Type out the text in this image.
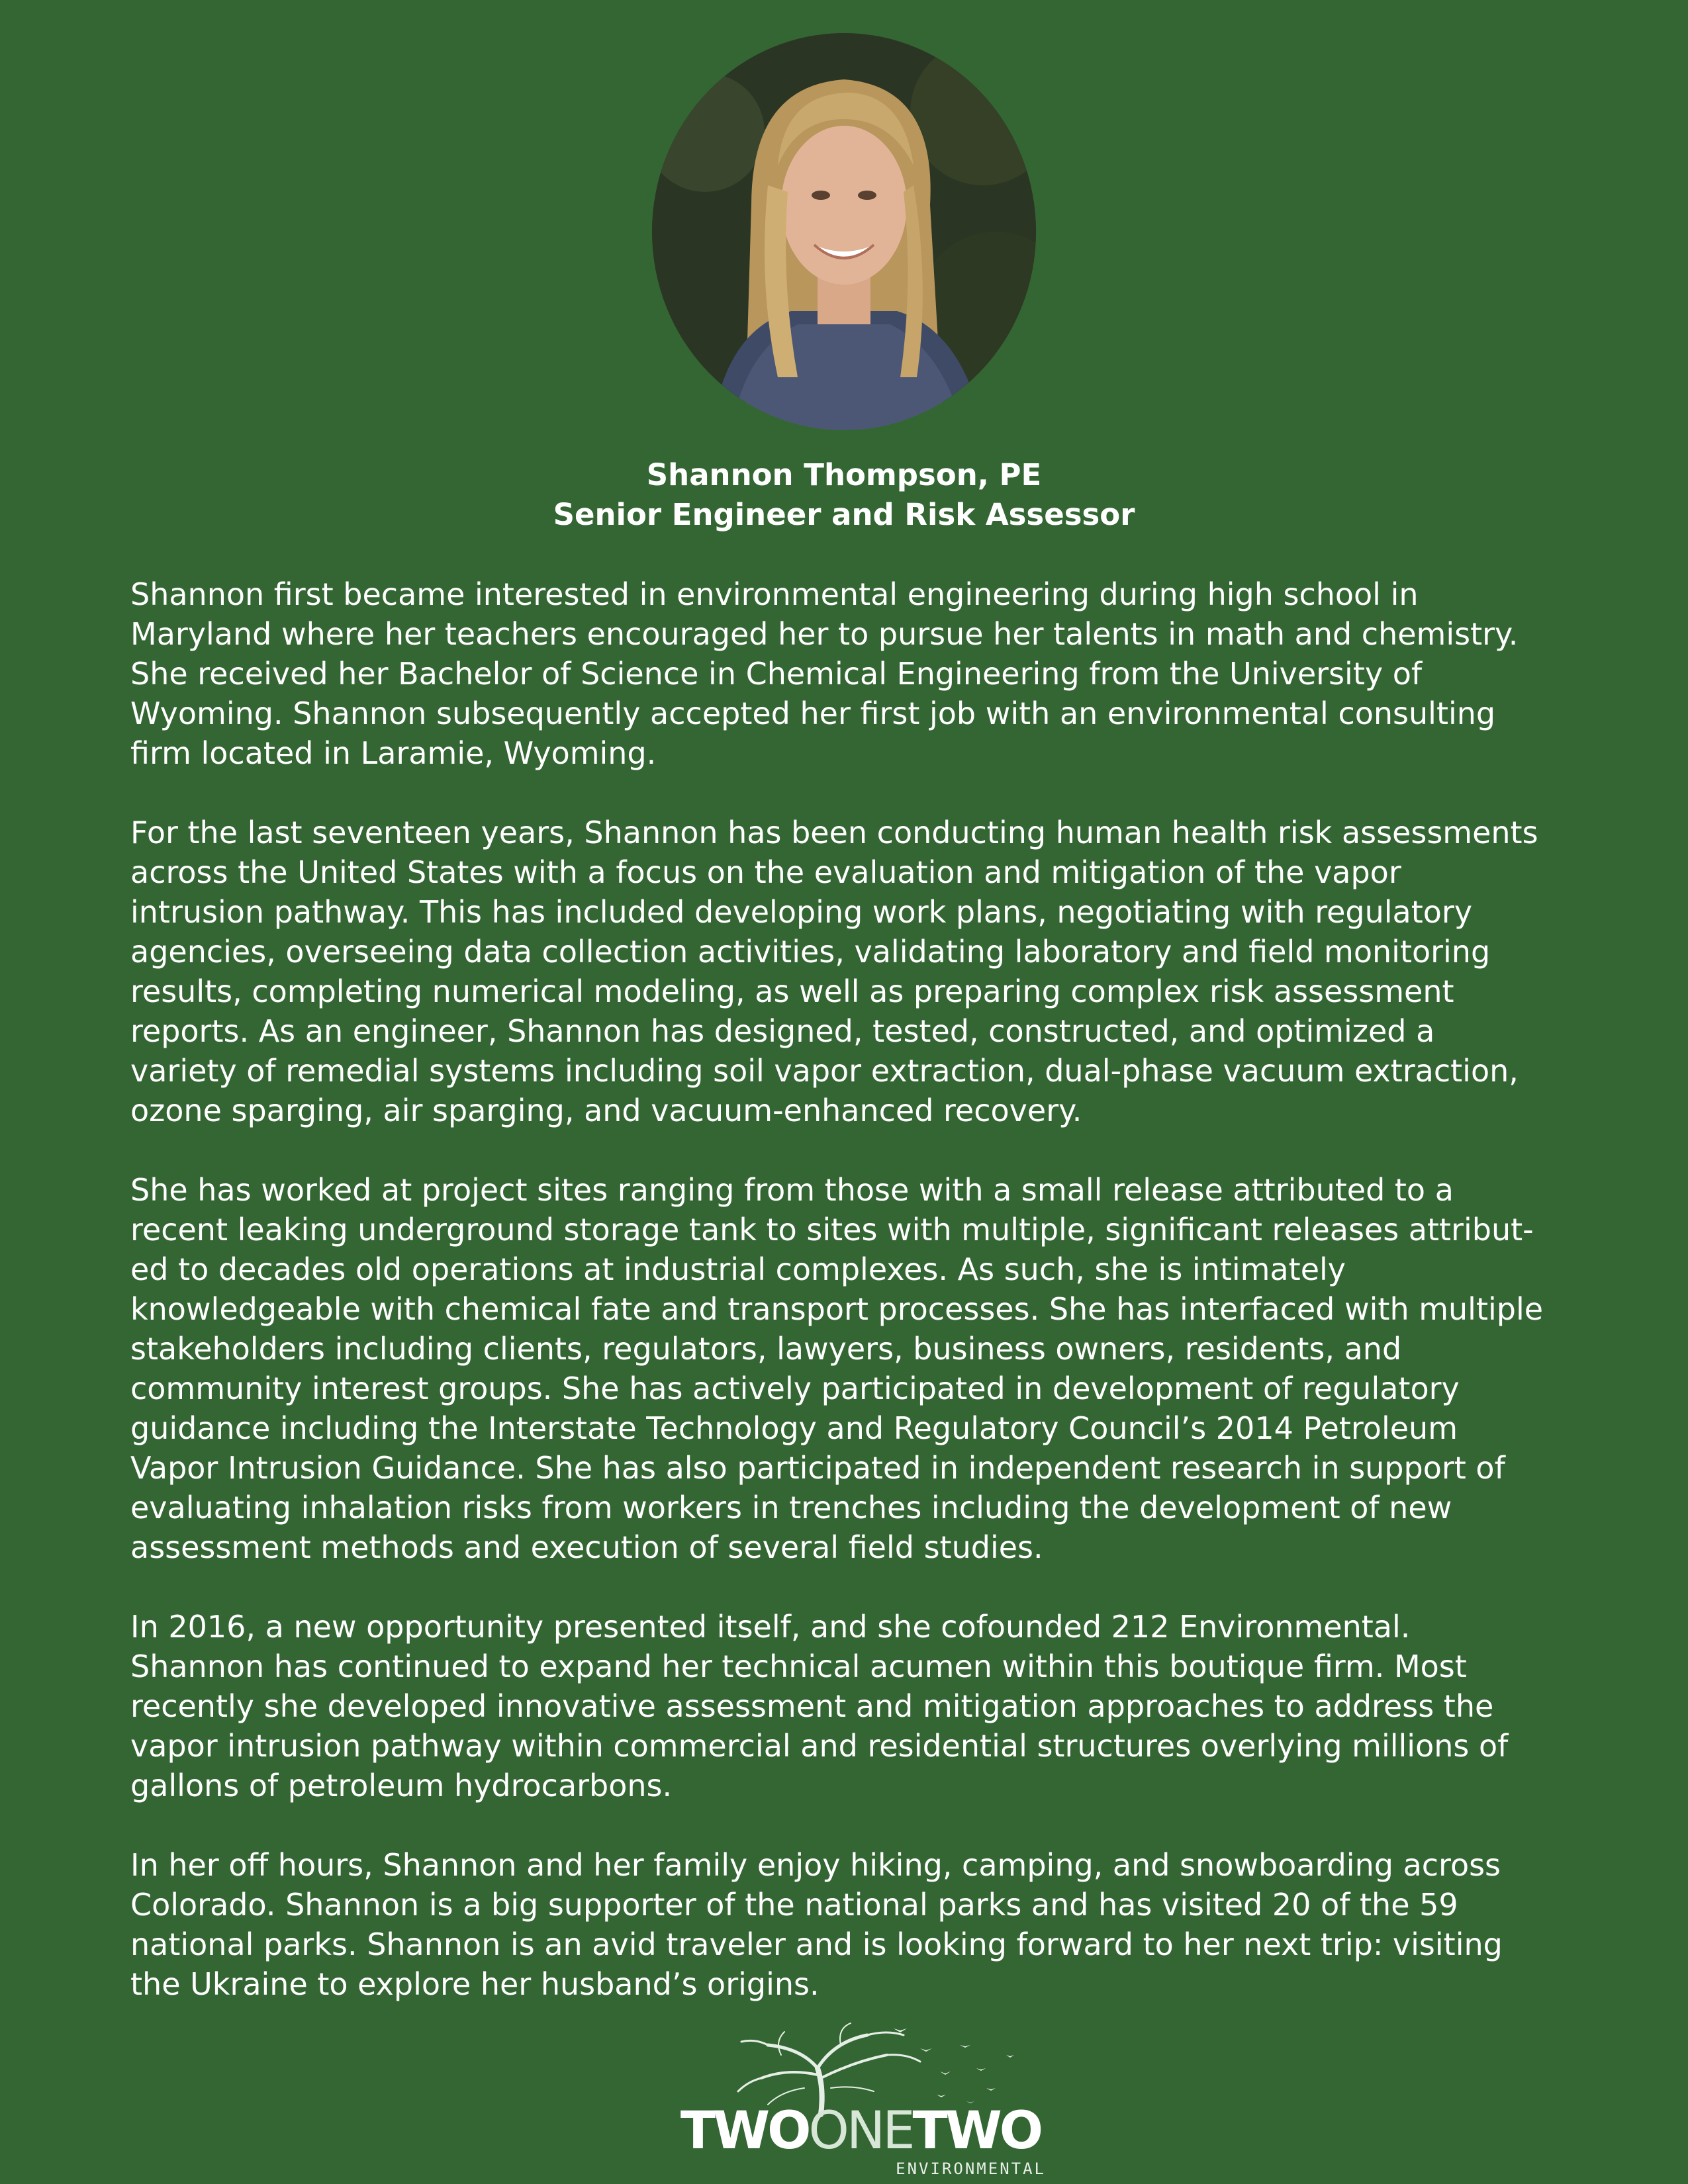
Shannon Thompson, PE
Senior Engineer and Risk Assessor

Shannon first became interested in environmental engineering during high school in
Maryland where her teachers encouraged her to pursue her talents in math and chemistry.
She received her Bachelor of Science in Chemical Engineering from the University of
Wyoming. Shannon subsequently accepted her first job with an environmental consulting
firm located in Laramie, Wyoming.

For the last seventeen years, Shannon has been conducting human health risk assessments
across the United States with a focus on the evaluation and mitigation of the vapor
intrusion pathway. This has included developing work plans, negotiating with regulatory
agencies, overseeing data collection activities, validating laboratory and field monitoring
results, completing numerical modeling, as well as preparing complex risk assessment
reports. As an engineer, Shannon has designed, tested, constructed, and optimized a
variety of remedial systems including soil vapor extraction, dual-phase vacuum extraction,
ozone sparging, air sparging, and vacuum-enhanced recovery.

She has worked at project sites ranging from those with a small release attributed to a
recent leaking underground storage tank to sites with multiple, significant releases attribut-
ed to decades old operations at industrial complexes. As such, she is intimately
knowledgeable with chemical fate and transport processes. She has interfaced with multiple
stakeholders including clients, regulators, lawyers, business owners, residents, and
community interest groups. She has actively participated in development of regulatory
guidance including the Interstate Technology and Regulatory Council’s 2014 Petroleum
Vapor Intrusion Guidance. She has also participated in independent research in support of
evaluating inhalation risks from workers in trenches including the development of new
assessment methods and execution of several field studies.

In 2016, a new opportunity presented itself, and she cofounded 212 Environmental.
Shannon has continued to expand her technical acumen within this boutique firm. Most
recently she developed innovative assessment and mitigation approaches to address the
vapor intrusion pathway within commercial and residential structures overlying millions of
gallons of petroleum hydrocarbons.

In her off hours, Shannon and her family enjoy hiking, camping, and snowboarding across
Colorado. Shannon is a big supporter of the national parks and has visited 20 of the 59
national parks. Shannon is an avid traveler and is looking forward to her next trip: visiting
the Ukraine to explore her husband’s origins.

TWOONETWO
ENVIRONMENTAL
